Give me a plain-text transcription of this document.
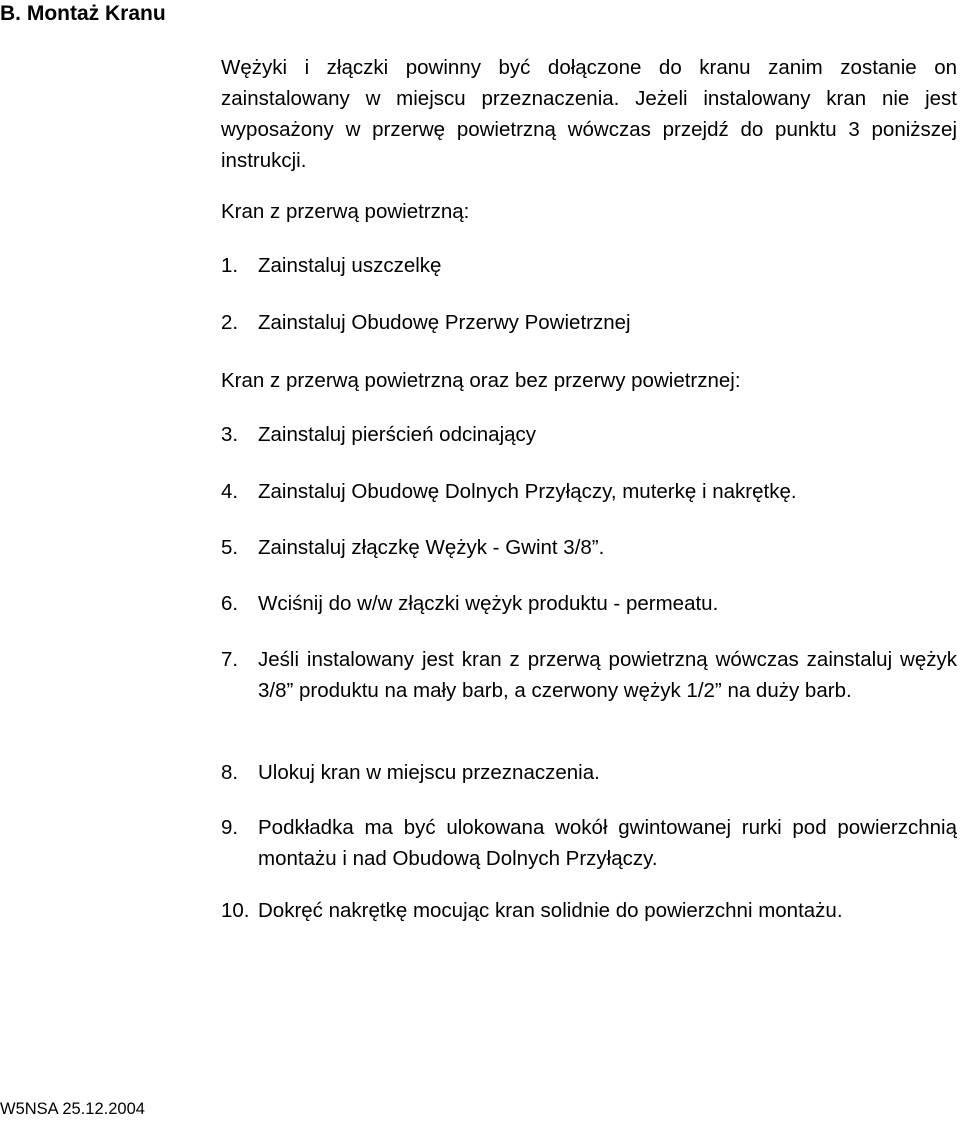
B. Montaż Kranu

Wężyki i złączki powinny być dołączone do kranu zanim zostanie on zainstalowany w miejscu przeznaczenia. Jeżeli instalowany kran nie jest wyposażony w przerwę powietrzną wówczas przejdź do punktu 3 poniższej instrukcji.

Kran z przerwą powietrzną:

1. Zainstaluj uszczelkę
2. Zainstaluj Obudowę Przerwy Powietrznej

Kran z przerwą powietrzną oraz bez przerwy powietrznej:

3. Zainstaluj pierścień odcinający
4. Zainstaluj Obudowę Dolnych Przyłączy, muterkę i nakrętkę.
5. Zainstaluj złączkę Wężyk - Gwint 3/8”.
6. Wciśnij do w/w złączki wężyk produktu - permeatu.
7. Jeśli instalowany jest kran z przerwą powietrzną wówczas zainstaluj wężyk 3/8” produktu na mały barb, a czerwony wężyk 1/2” na duży barb.
8. Ulokuj kran w miejscu przeznaczenia.
9. Podkładka ma być ulokowana wokół gwintowanej rurki pod powierzchnią montażu i nad Obudową Dolnych Przyłączy.
10. Dokręć nakrętkę mocując kran solidnie do powierzchni montażu.

W5NSA 25.12.2004
